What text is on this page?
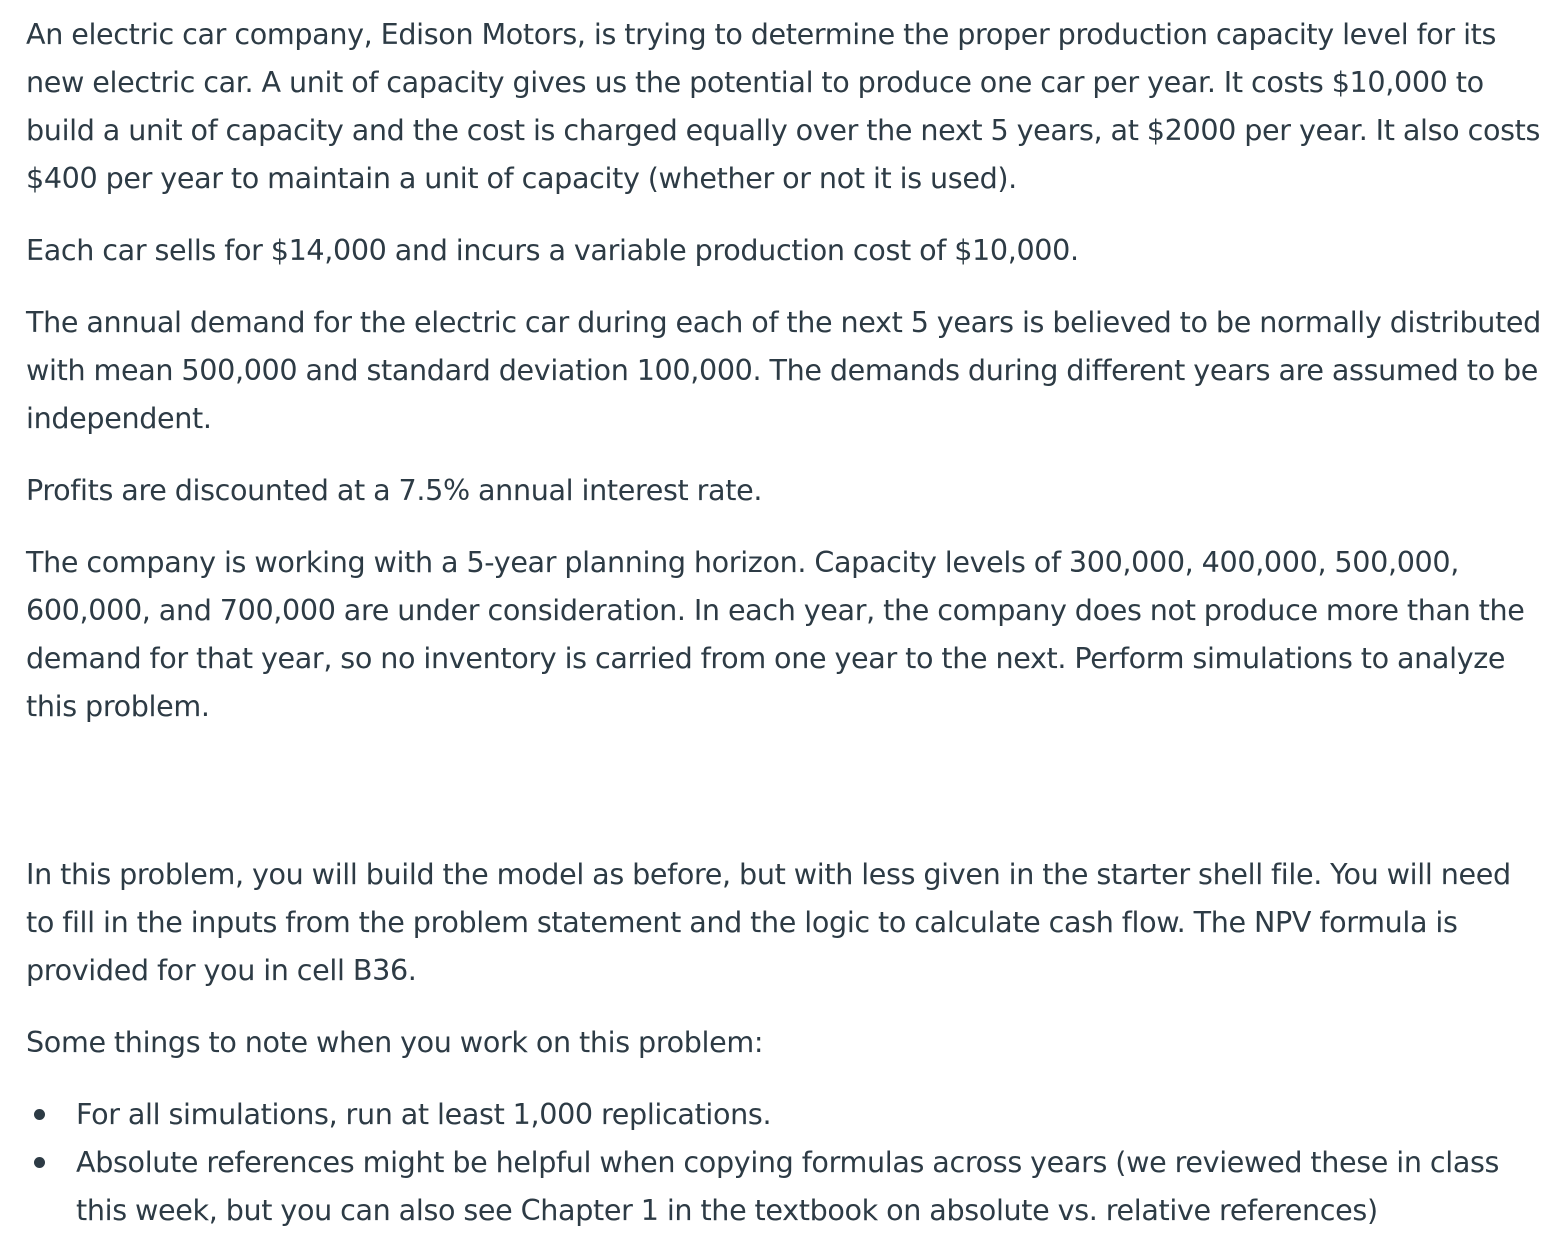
An electric car company, Edison Motors, is trying to determine the proper production capacity level for its new electric car. A unit of capacity gives us the potential to produce one car per year. It costs $10,000 to build a unit of capacity and the cost is charged equally over the next 5 years, at $2000 per year. It also costs $400 per year to maintain a unit of capacity (whether or not it is used).

Each car sells for $14,000 and incurs a variable production cost of $10,000.

The annual demand for the electric car during each of the next 5 years is believed to be normally distributed with mean 500,000 and standard deviation 100,000. The demands during different years are assumed to be independent.

Profits are discounted at a 7.5% annual interest rate.

The company is working with a 5-year planning horizon. Capacity levels of 300,000, 400,000, 500,000, 600,000, and 700,000 are under consideration. In each year, the company does not produce more than the demand for that year, so no inventory is carried from one year to the next. Perform simulations to analyze this problem.

In this problem, you will build the model as before, but with less given in the starter shell file. You will need to fill in the inputs from the problem statement and the logic to calculate cash flow. The NPV formula is provided for you in cell B36.

Some things to note when you work on this problem:

For all simulations, run at least 1,000 replications.
Absolute references might be helpful when copying formulas across years (we reviewed these in class this week, but you can also see Chapter 1 in the textbook on absolute vs. relative references)
